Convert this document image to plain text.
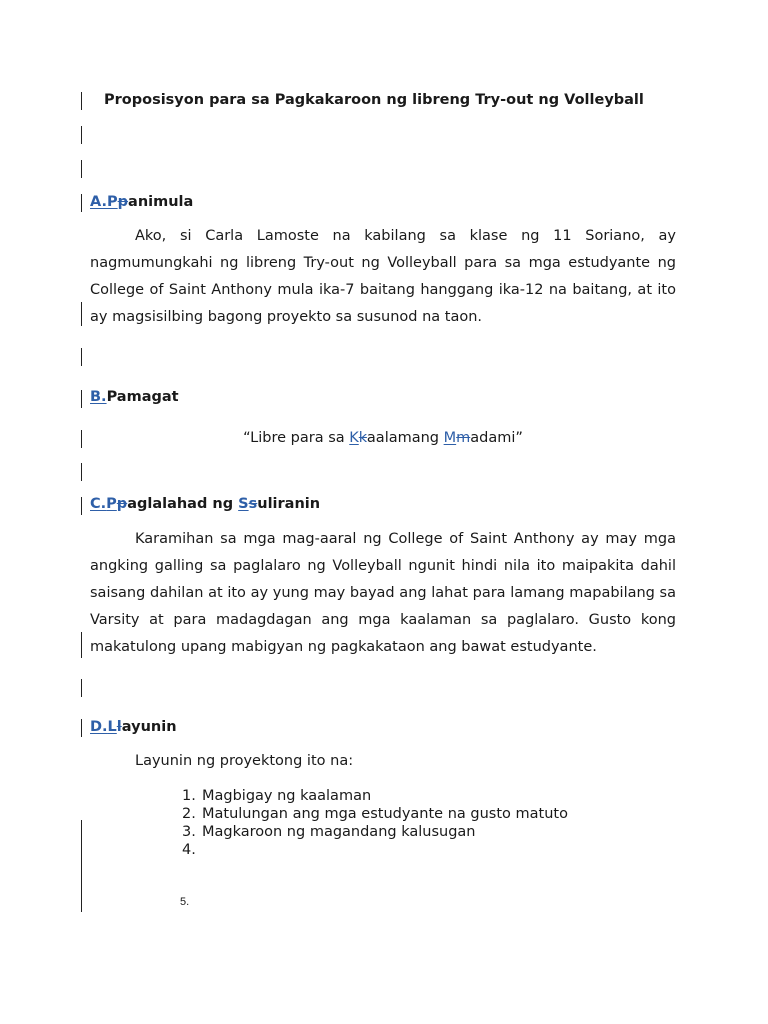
Proposisyon para sa Pagkakaroon ng libreng Try-out ng Volleyball
A.Ppanimula

Ako, si Carla Lamoste na kabilang sa klase ng 11 Soriano, ay nagmumungkahi ng libreng Try-out ng Volleyball para sa mga estudyante ng College of Saint Anthony mula ika-7 baitang hanggang ika-12 na baitang, at ito ay magsisilbing bagong proyekto sa susunod na taon.

B.Pamagat
“Libre para sa Kkaalamang Mmadami”
C.Ppaglalahad ng Ssuliranin

Karamihan sa mga mag-aaral ng College of Saint Anthony ay may mga angking galling sa paglalaro ng Volleyball ngunit hindi nila ito maipakita dahil saisang dahilan at ito ay yung may bayad ang lahat para lamang mapabilang sa Varsity at para madagdagan ang mga kaalaman sa paglalaro. Gusto kong makatulong upang mabigyan ng pagkakataon ang bawat estudyante.

D.Llayunin
Layunin ng proyektong ito na:
1. Magbigay ng kaalaman
2. Matulungan ang mga estudyante na gusto matuto
3. Magkaroon ng magandang kalusugan
4.
5.
